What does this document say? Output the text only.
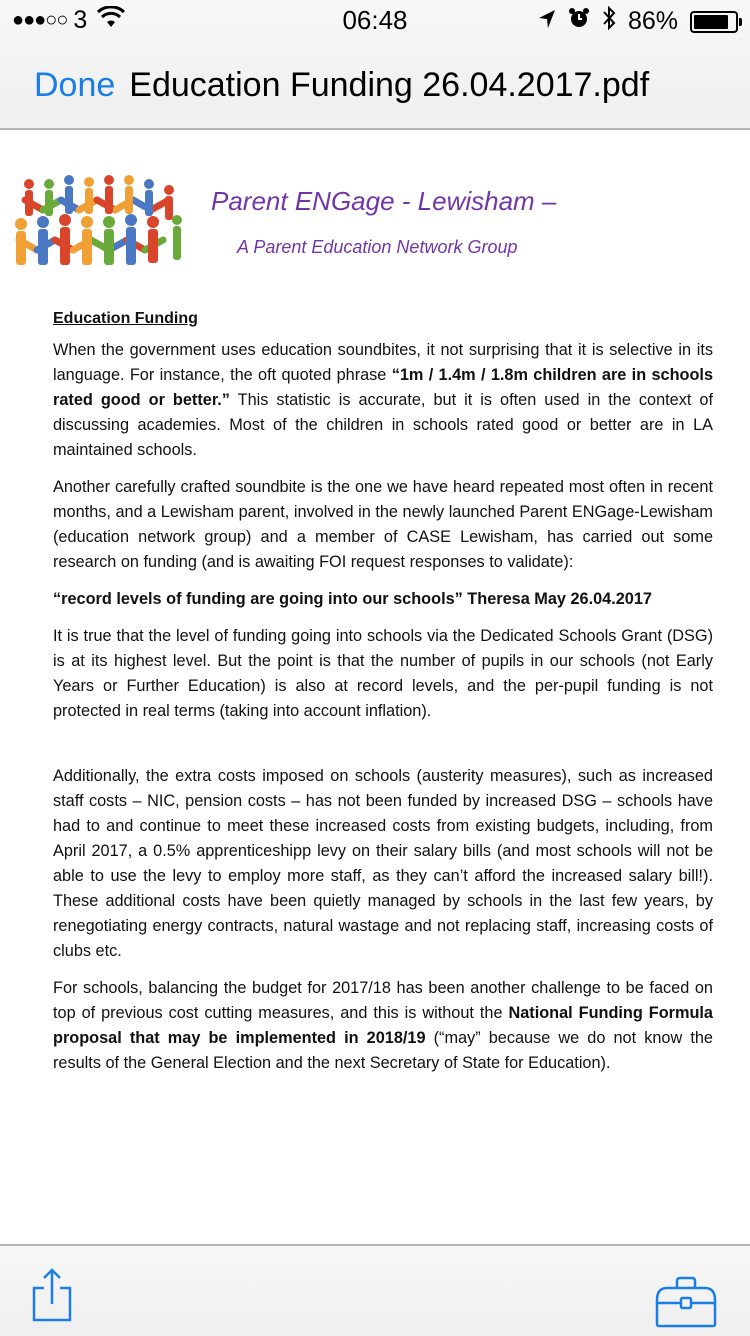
●●●○○ 3	06:48	86%
Done Education Funding 26.04.2017.pdf
Parent ENGage - Lewisham –
A Parent Education Network Group
Education Funding

When the government uses education soundbites, it not surprising that it is selective in its language. For instance, the oft quoted phrase “1m / 1.4m / 1.8m children are in schools rated good or better.” This statistic is accurate, but it is often used in the context of discussing academies. Most of the children in schools rated good or better are in LA maintained schools.

Another carefully crafted soundbite is the one we have heard repeated most often in recent months, and a Lewisham parent, involved in the newly launched Parent ENGage-Lewisham (education network group) and a member of CASE Lewisham, has carried out some research on funding (and is awaiting FOI request responses to validate):

“record levels of funding are going into our schools” Theresa May 26.04.2017

It is true that the level of funding going into schools via the Dedicated Schools Grant (DSG) is at its highest level. But the point is that the number of pupils in our schools (not Early Years or Further Education) is also at record levels, and the per-pupil funding is not protected in real terms (taking into account inflation).

Additionally, the extra costs imposed on schools (austerity measures), such as increased staff costs – NIC, pension costs – has not been funded by increased DSG – schools have had to and continue to meet these increased costs from existing budgets, including, from April 2017, a 0.5% apprenticeshipp levy on their salary bills (and most schools will not be able to use the levy to employ more staff, as they can’t afford the increased salary bill!). These additional costs have been quietly managed by schools in the last few years, by renegotiating energy contracts, natural wastage and not replacing staff, increasing costs of clubs etc.

For schools, balancing the budget for 2017/18 has been another challenge to be faced on top of previous cost cutting measures, and this is without the National Funding Formula proposal that may be implemented in 2018/19 (“may” because we do not know the results of the General Election and the next Secretary of State for Education).
